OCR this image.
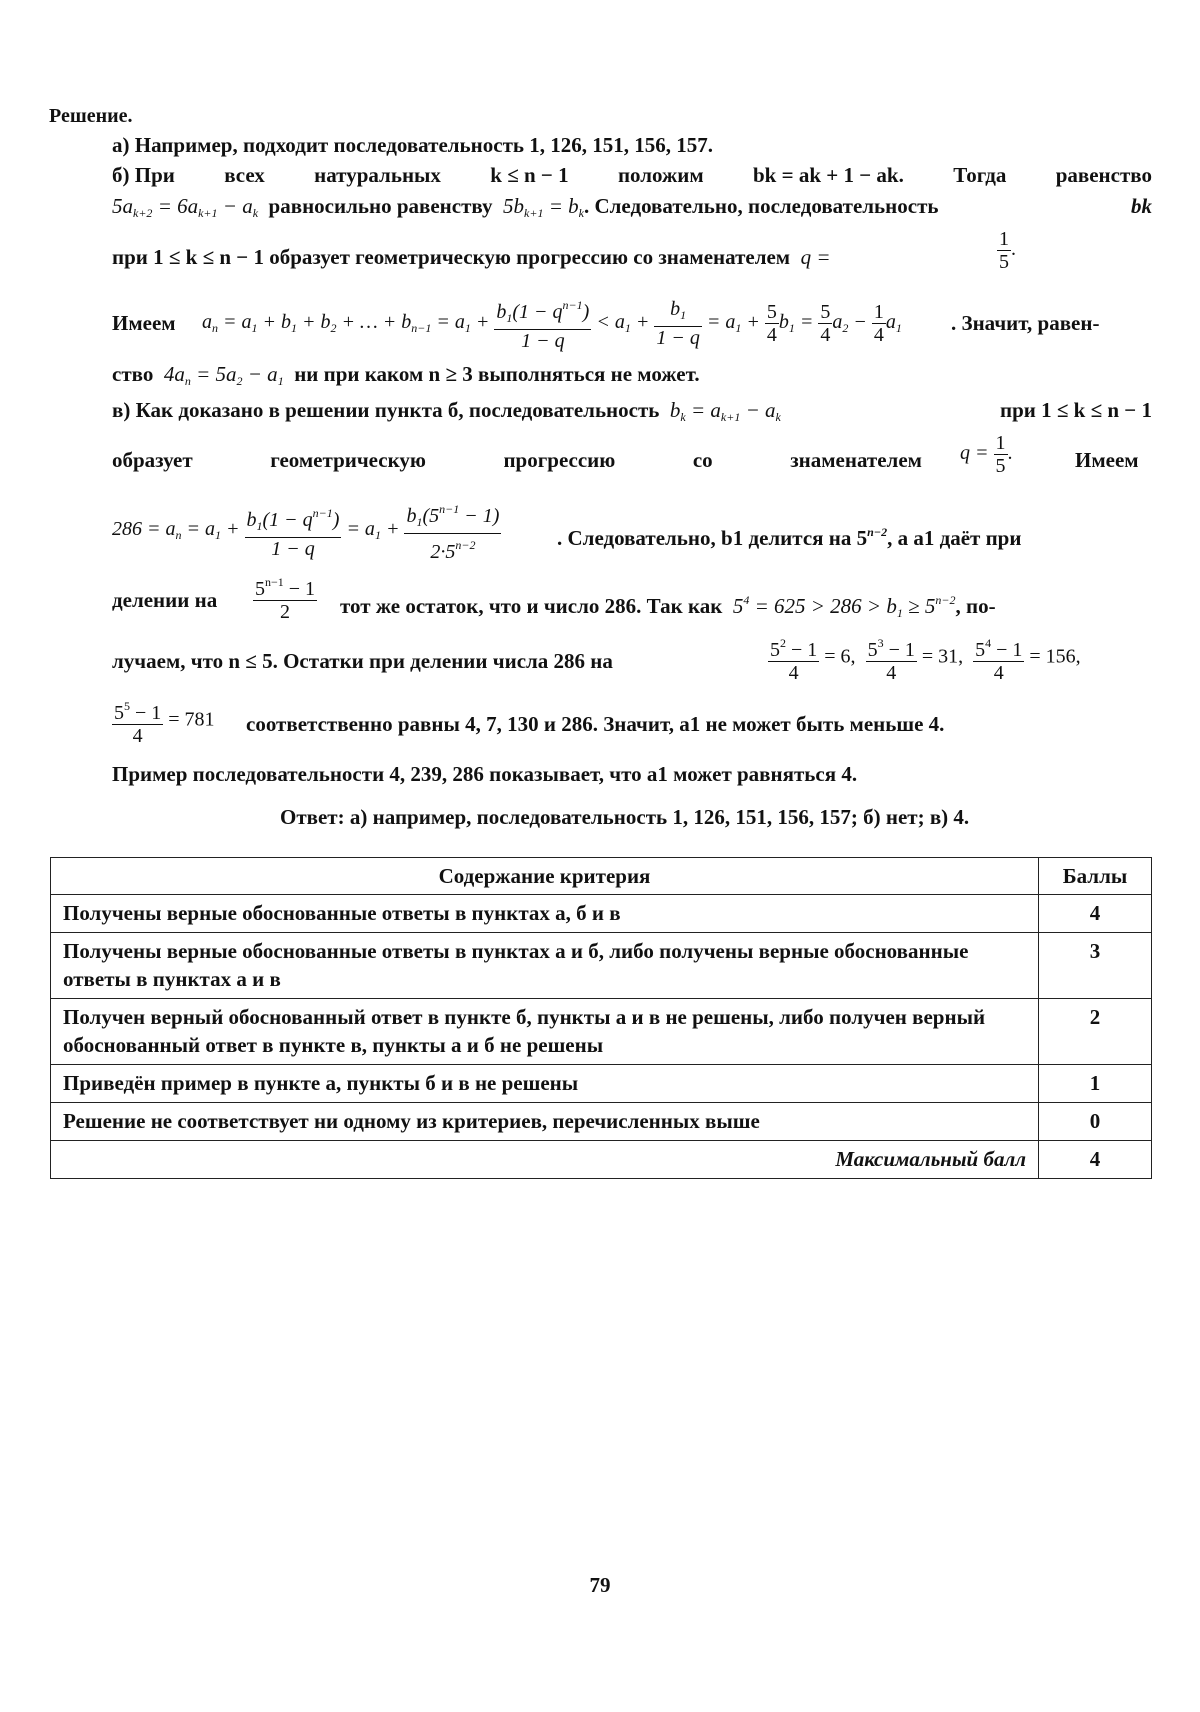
Решение.
а) Например, подходит последовательность 1, 126, 151, 156, 157.
б) При всех натуральных k ≤ n − 1 положим bk = ak + 1 − ak. Тогда равенство
$5a_{k+2} = 6a_{k+1} - a_k$ равносильно равенству $5b_{k+1} = b_k$. Следовательно, последовательность	bk
при 1 ≤ k ≤ n − 1 образует геометрическую прогрессию со знаменателем q =	$\frac{1}{5}$ .
Имеем $a_n = a_1 + b_1 + b_2$ + … + $b_{n-1} = a_1 + \frac{b_1(1 - q^{n-1})}{1 - q} < a_1 + \frac{b_1}{1 - q} = a_1 + \frac{5}{4} b_1 = \frac{5}{4} a_2 - \frac{1}{4} a_1$ . Значит, равен-
ство $4a_n = 5a_2 - a_1$ ни при каком n ≥ 3 выполняться не может.
в) Как доказано в решении пункта б, последовательность $b_k = a_{k+1} - a_k$	при 1 ≤ k ≤ n − 1
образует	геометрическую	прогрессию	со	знаменателем $q = \frac{1}{5}$ .	Имеем
$286 = a_n = a_1 + \frac{b_1(1 - q^{n-1})}{1 - q} = a_1 + \frac{b_1(5^{n-1} - 1)}{2\cdot 5^{n-2}}$	. Следовательно, b1 делится на $5^{n-2}$, а a1 даёт при
делении на $\frac{5^{n-1} - 1}{2}$ тот же остаток, что и число 286. Так как $5^4 = 625 > 286 > b_1 \ge 5^{n-2}$, по-
лучаем, что n ≤ 5. Остатки при делении числа 286 на	$\frac{5^2 - 1}{4} = 6$, $\frac{5^3 - 1}{4} = 31$, $\frac{5^4 - 1}{4} = 156$,
$\frac{5^5 - 1}{4} = 781$ соответственно равны 4, 7, 130 и 286. Значит, a1 не может быть меньше 4.
Пример последовательности 4, 239, 286 показывает, что a1 может равняться 4.
Ответ: а) например, последовательность 1, 126, 151, 156, 157; б) нет; в) 4.
Содержание критерия	Баллы
Получены верные обоснованные ответы в пунктах а, б и в	4
Получены верные обоснованные ответы в пунктах а и б, либо получены верные обоснованные ответы в пунктах а и в	3
Получен верный обоснованный ответ в пункте б, пункты а и в не решены, либо получен верный обоснованный ответ в пункте в, пункты а и б не решены	2
Приведён пример в пункте а, пункты б и в не решены	1
Решение не соответствует ни одному из критериев, перечисленных выше	0
Максимальный балл	4
79
